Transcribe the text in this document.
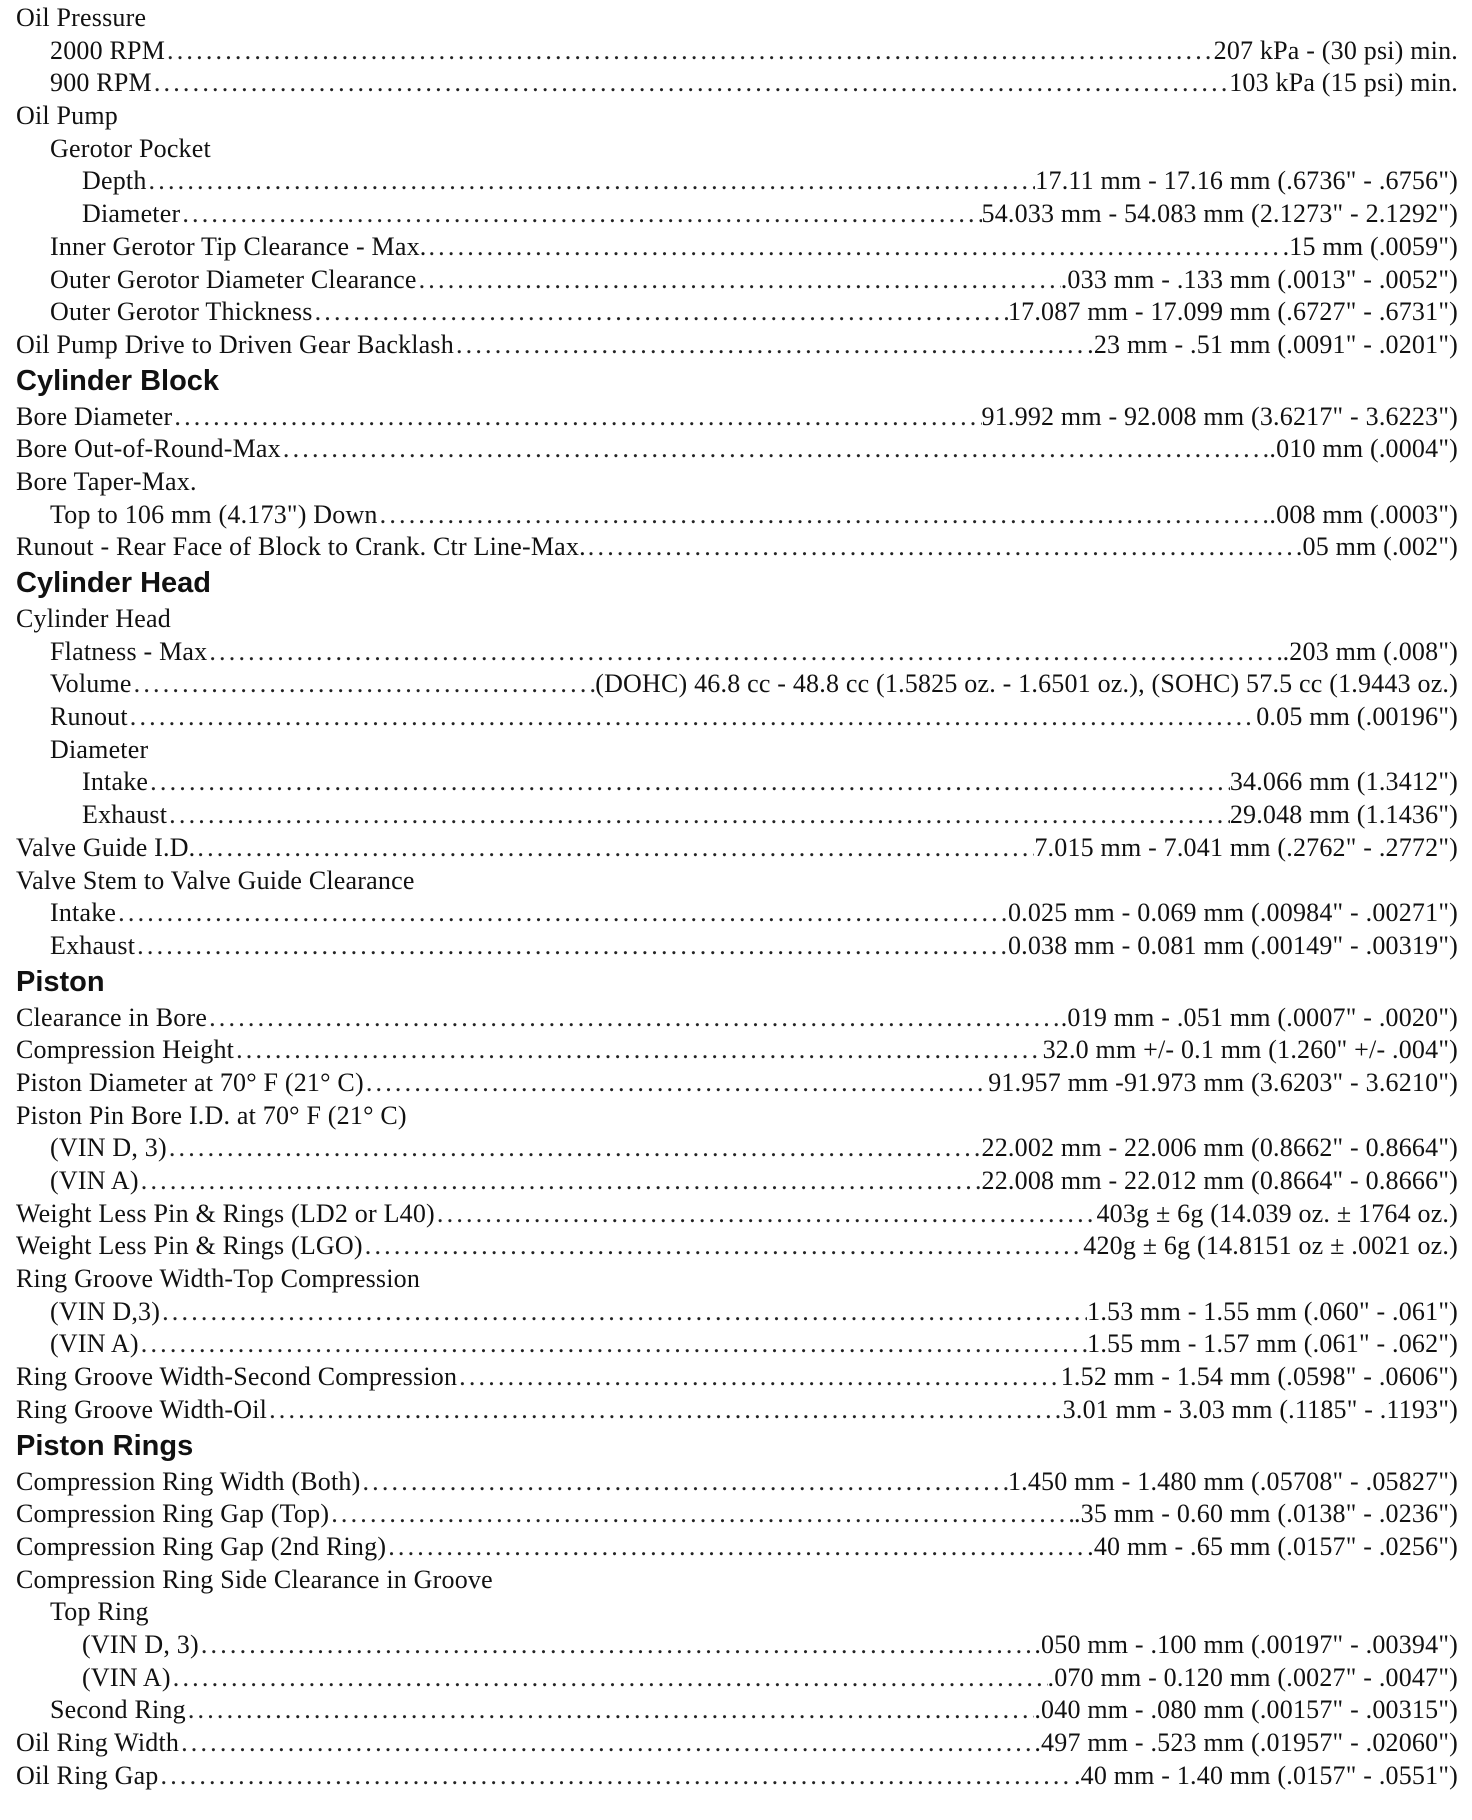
Oil Pressure
2000 RPM .....	207 kPa - (30 psi) min.
900 RPM .....	103 kPa (15 psi) min.
Oil Pump
Gerotor Pocket
Depth .....	17.11 mm - 17.16 mm (.6736" - .6756")
Diameter .....	54.033 mm - 54.083 mm (2.1273" - 2.1292")
Inner Gerotor Tip Clearance - Max. .....	.15 mm (.0059")
Outer Gerotor Diameter Clearance .....	.033 mm - .133 mm (.0013" - .0052")
Outer Gerotor Thickness .....	17.087 mm - 17.099 mm (.6727" - .6731")
Oil Pump Drive to Driven Gear Backlash .....	.23 mm - .51 mm (.0091" - .0201")
Cylinder Block
Bore Diameter .....	91.992 mm - 92.008 mm (3.6217" - 3.6223")
Bore Out-of-Round-Max .....	.010 mm (.0004")
Bore Taper-Max.
Top to 106 mm (4.173") Down .....	.008 mm (.0003")
Runout - Rear Face of Block to Crank. Ctr Line-Max. .....	.05 mm (.002")
Cylinder Head
Cylinder Head
Flatness - Max .....	.203 mm (.008")
Volume .....	(DOHC) 46.8 cc - 48.8 cc (1.5825 oz. - 1.6501 oz.), (SOHC) 57.5 cc (1.9443 oz.)
Runout .....	0.05 mm (.00196")
Diameter
Intake .....	34.066 mm (1.3412")
Exhaust .....	29.048 mm (1.1436")
Valve Guide I.D. .....	7.015 mm - 7.041 mm (.2762" - .2772")
Valve Stem to Valve Guide Clearance
Intake .....	0.025 mm - 0.069 mm (.00984" - .00271")
Exhaust .....	0.038 mm - 0.081 mm (.00149" - .00319")
Piston
Clearance in Bore .....	.019 mm - .051 mm (.0007" - .0020")
Compression Height .....	32.0 mm +/- 0.1 mm (1.260" +/- .004")
Piston Diameter at 70° F (21° C) .....	91.957 mm -91.973 mm (3.6203" - 3.6210")
Piston Pin Bore I.D. at 70° F (21° C)
(VIN D, 3) .....	22.002 mm - 22.006 mm (0.8662" - 0.8664")
(VIN A) .....	22.008 mm - 22.012 mm (0.8664" - 0.8666")
Weight Less Pin & Rings (LD2 or L40) .....	403g ± 6g (14.039 oz. ± 1764 oz.)
Weight Less Pin & Rings (LGO) .....	420g ± 6g (14.8151 oz ± .0021 oz.)
Ring Groove Width-Top Compression
(VIN D,3) .....	1.53 mm - 1.55 mm (.060" - .061")
(VIN A) .....	1.55 mm - 1.57 mm (.061" - .062")
Ring Groove Width-Second Compression .....	1.52 mm - 1.54 mm (.0598" - .0606")
Ring Groove Width-Oil .....	3.01 mm - 3.03 mm (.1185" - .1193")
Piston Rings
Compression Ring Width (Both) .....	1.450 mm - 1.480 mm (.05708" - .05827")
Compression Ring Gap (Top) .....	.35 mm - 0.60 mm (.0138" - .0236")
Compression Ring Gap (2nd Ring) .....	.40 mm - .65 mm (.0157" - .0256")
Compression Ring Side Clearance in Groove
Top Ring
(VIN D, 3) .....	.050 mm - .100 mm (.00197" - .00394")
(VIN A) .....	.070 mm - 0.120 mm (.0027" - .0047")
Second Ring .....	.040 mm - .080 mm (.00157" - .00315")
Oil Ring Width .....	.497 mm - .523 mm (.01957" - .02060")
Oil Ring Gap .....	.40 mm - 1.40 mm (.0157" - .0551")
